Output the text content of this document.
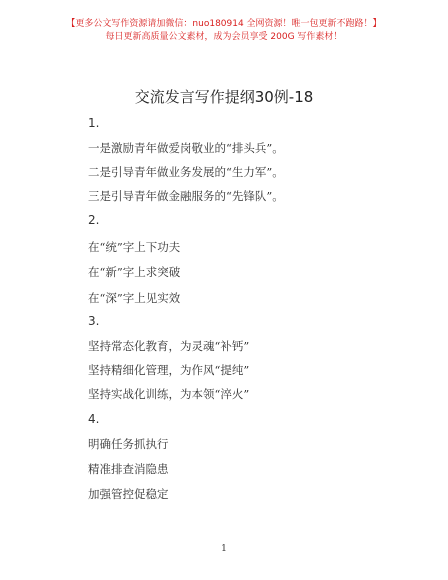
【更多公文写作资源请加微信：nuo180914 全网资源！唯一包更新不跑路！】
每日更新高质量公文素材，成为会员享受 200G 写作素材！
交流发言写作提纲30例-18
1.
一是激励青年做爱岗敬业的“排头兵”。
二是引导青年做业务发展的“生力军”。
三是引导青年做金融服务的“先锋队”。
2.
在“统”字上下功夫
在“新”字上求突破
在“深”字上见实效
3.
坚持常态化教育，为灵魂“补钙”
坚持精细化管理，为作风“提纯”
坚持实战化训练，为本领“淬火”
4.
明确任务抓执行
精准排查消隐患
加强管控促稳定
1
